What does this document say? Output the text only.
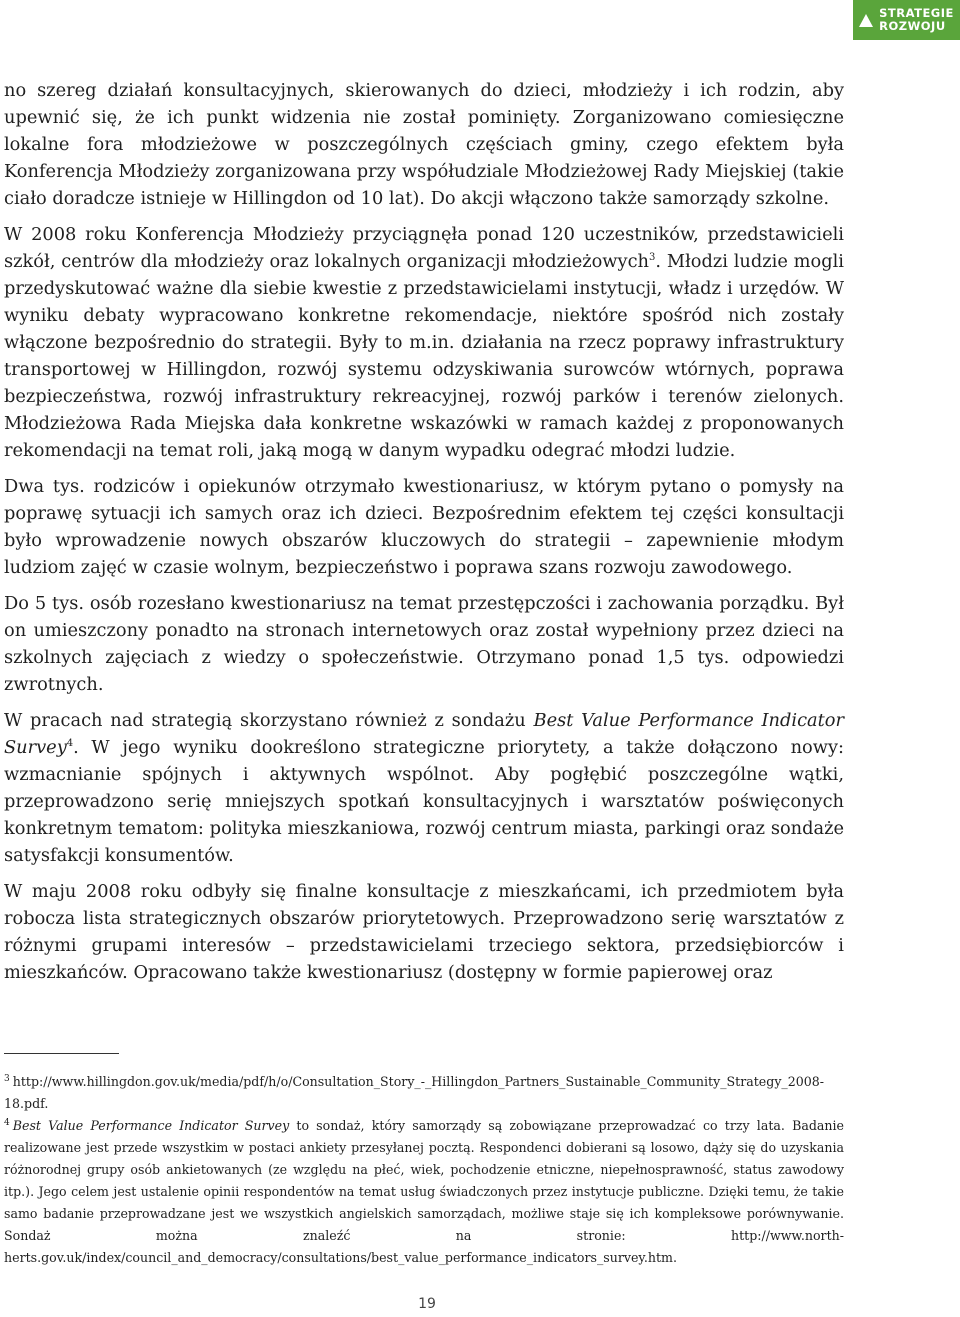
STRATEGIE
ROZWOJU

no szereg działań konsultacyjnych, skierowanych do dzieci, młodzieży i ich rodzin, aby upewnić się, że ich punkt widzenia nie został pominięty. Zorganizowano comiesięczne lokalne fora młodzieżowe w poszczególnych częściach gminy, czego efektem była Konferencja Młodzieży zorganizowana przy współudziale Młodzieżowej Rady Miejskiej (takie ciało doradcze istnieje w Hillingdon od 10 lat). Do akcji włączono także samorządy szkolne.

W 2008 roku Konferencja Młodzieży przyciągnęła ponad 120 uczestników, przedstawicieli szkół, centrów dla młodzieży oraz lokalnych organizacji młodzieżowych$^3$. Młodzi ludzie mogli przedyskutować ważne dla siebie kwestie z przedstawicielami instytucji, władz i urzędów. W wyniku debaty wypracowano konkretne rekomendacje, niektóre spośród nich zostały włączone bezpośrednio do strategii. Były to m.in. działania na rzecz poprawy infrastruktury transportowej w Hillingdon, rozwój systemu odzyskiwania surowców wtórnych, poprawa bezpieczeństwa, rozwój infrastruktury rekreacyjnej, rozwój parków i terenów zielonych. Młodzieżowa Rada Miejska dała konkretne wskazówki w ramach każdej z proponowanych rekomendacji na temat roli, jaką mogą w danym wypadku odegrać młodzi ludzie.

Dwa tys. rodziców i opiekunów otrzymało kwestionariusz, w którym pytano o pomysły na poprawę sytuacji ich samych oraz ich dzieci. Bezpośrednim efektem tej części konsultacji było wprowadzenie nowych obszarów kluczowych do strategii – zapewnienie młodym ludziom zajęć w czasie wolnym, bezpieczeństwo i poprawa szans rozwoju zawodowego.

Do 5 tys. osób rozesłano kwestionariusz na temat przestępczości i zachowania porządku. Był on umieszczony ponadto na stronach internetowych oraz został wypełniony przez dzieci na szkolnych zajęciach z wiedzy o społeczeństwie. Otrzymano ponad 1,5 tys. odpowiedzi zwrotnych.

W pracach nad strategią skorzystano również z sondażu Best Value Performance Indicator Survey$^4$. W jego wyniku dookreślono strategiczne priorytety, a także dołączono nowy: wzmacnianie spójnych i aktywnych wspólnot. Aby pogłębić poszczególne wątki, przeprowadzono serię mniejszych spotkań konsultacyjnych i warsztatów poświęconych konkretnym tematom: polityka mieszkaniowa, rozwój centrum miasta, parkingi oraz sondaże satysfakcji konsumentów.

W maju 2008 roku odbyły się finalne konsultacje z mieszkańcami, ich przedmiotem była robocza lista strategicznych obszarów priorytetowych. Przeprowadzono serię warsztatów z różnymi grupami interesów – przedstawicielami trzeciego sektora, przedsiębiorców i mieszkańców. Opracowano także kwestionariusz (dostępny w formie papierowej oraz

$^3$ http://www.hillingdon.gov.uk/media/pdf/h/o/Consultation_Story_-_Hillingdon_Partners_Sustainable_Community_Strategy_2008-18.pdf.

$^4$ Best Value Performance Indicator Survey to sondaż, który samorządy są zobowiązane przeprowadzać co trzy lata. Badanie realizowane jest przede wszystkim w postaci ankiety przesyłanej pocztą. Respondenci dobierani są losowo, dąży się do uzyskania różnorodnej grupy osób ankietowanych (ze względu na płeć, wiek, pochodzenie etniczne, niepełnosprawność, status zawodowy itp.). Jego celem jest ustalenie opinii respondentów na temat usług świadczonych przez instytucje publiczne. Dzięki temu, że takie samo badanie przeprowadzane jest we wszystkich angielskich samorządach, możliwe staje się ich kompleksowe porównywanie. Sondaż można znaleźć na stronie: http://www.north-herts.gov.uk/index/council_and_democracy/consultations/best_value_performance_indicators_survey.htm.

19
